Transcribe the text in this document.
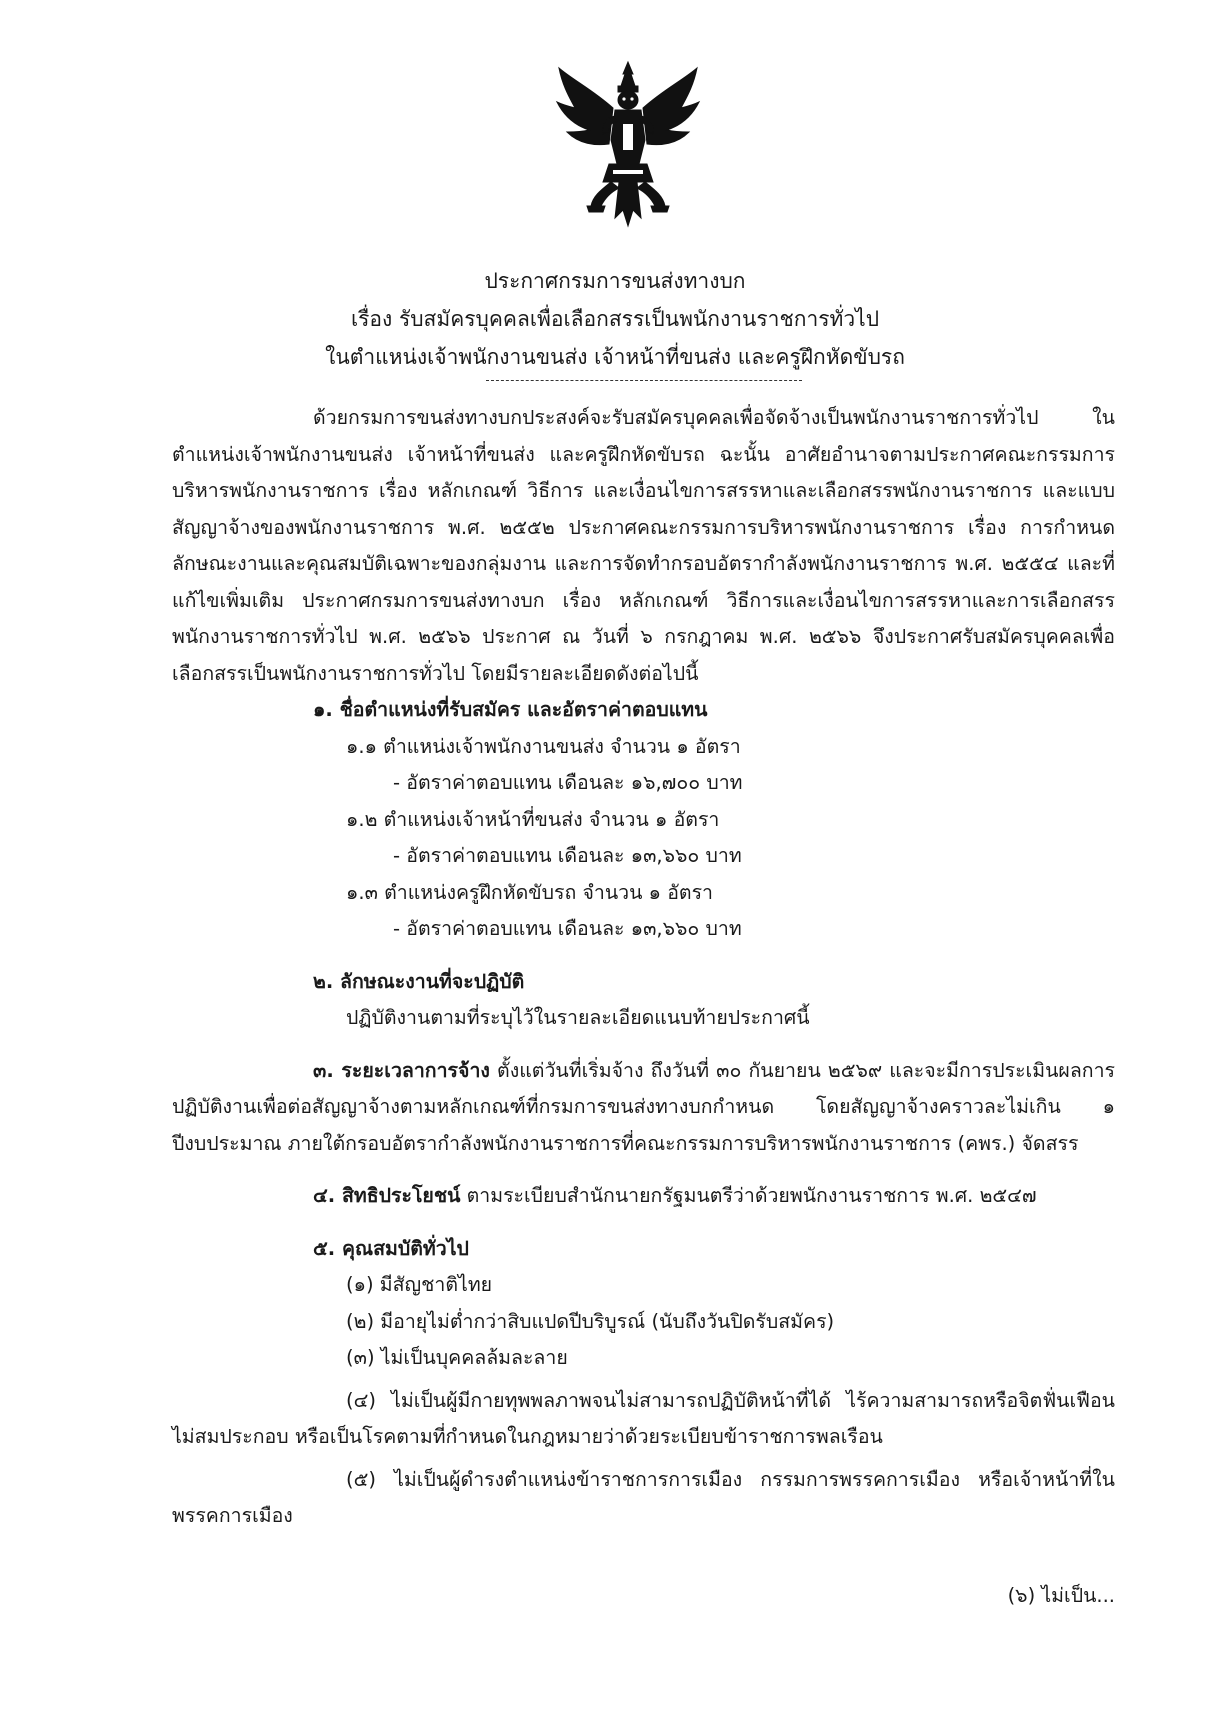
ประกาศกรมการขนส่งทางบก
เรื่อง รับสมัครบุคคลเพื่อเลือกสรรเป็นพนักงานราชการทั่วไป
ในตำแหน่งเจ้าพนักงานขนส่ง เจ้าหน้าที่ขนส่ง และครูฝึกหัดขับรถ

ด้วยกรมการขนส่งทางบกประสงค์จะรับสมัครบุคคลเพื่อจัดจ้างเป็นพนักงานราชการทั่วไป ในตำแหน่งเจ้าพนักงานขนส่ง เจ้าหน้าที่ขนส่ง และครูฝึกหัดขับรถ ฉะนั้น อาศัยอำนาจตามประกาศคณะกรรมการบริหารพนักงานราชการ เรื่อง หลักเกณฑ์ วิธีการ และเงื่อนไขการสรรหาและเลือกสรรพนักงานราชการ และแบบสัญญาจ้างของพนักงานราชการ พ.ศ. ๒๕๕๒ ประกาศคณะกรรมการบริหารพนักงานราชการ เรื่อง การกำหนดลักษณะงานและคุณสมบัติเฉพาะของกลุ่มงาน และการจัดทำกรอบอัตรากำลังพนักงานราชการ พ.ศ. ๒๕๕๔ และที่แก้ไขเพิ่มเติม ประกาศกรมการขนส่งทางบก เรื่อง หลักเกณฑ์ วิธีการและเงื่อนไขการสรรหาและการเลือกสรรพนักงานราชการทั่วไป พ.ศ. ๒๕๖๖ ประกาศ ณ วันที่ ๖ กรกฎาคม พ.ศ. ๒๕๖๖ จึงประกาศรับสมัครบุคคลเพื่อเลือกสรรเป็นพนักงานราชการทั่วไป โดยมีรายละเอียดดังต่อไปนี้

๑. ชื่อตำแหน่งที่รับสมัคร และอัตราค่าตอบแทน

๑.๑ ตำแหน่งเจ้าพนักงานขนส่ง จำนวน ๑ อัตรา

- อัตราค่าตอบแทน เดือนละ ๑๖,๗๐๐ บาท

๑.๒ ตำแหน่งเจ้าหน้าที่ขนส่ง จำนวน ๑ อัตรา

- อัตราค่าตอบแทน เดือนละ ๑๓,๖๖๐ บาท

๑.๓ ตำแหน่งครูฝึกหัดขับรถ จำนวน ๑ อัตรา

- อัตราค่าตอบแทน เดือนละ ๑๓,๖๖๐ บาท

๒. ลักษณะงานที่จะปฏิบัติ

ปฏิบัติงานตามที่ระบุไว้ในรายละเอียดแนบท้ายประกาศนี้

๓. ระยะเวลาการจ้าง ตั้งแต่วันที่เริ่มจ้าง ถึงวันที่ ๓๐ กันยายน ๒๕๖๙ และจะมีการประเมินผลการปฏิบัติงานเพื่อต่อสัญญาจ้างตามหลักเกณฑ์ที่กรมการขนส่งทางบกกำหนด โดยสัญญาจ้างคราวละไม่เกิน ๑ ปีงบประมาณ ภายใต้กรอบอัตรากำลังพนักงานราชการที่คณะกรรมการบริหารพนักงานราชการ (คพร.) จัดสรร

๔. สิทธิประโยชน์ ตามระเบียบสำนักนายกรัฐมนตรีว่าด้วยพนักงานราชการ พ.ศ. ๒๕๔๗

๕. คุณสมบัติทั่วไป

(๑) มีสัญชาติไทย

(๒) มีอายุไม่ต่ำกว่าสิบแปดปีบริบูรณ์ (นับถึงวันปิดรับสมัคร)

(๓) ไม่เป็นบุคคลล้มละลาย

(๔) ไม่เป็นผู้มีกายทุพพลภาพจนไม่สามารถปฏิบัติหน้าที่ได้ ไร้ความสามารถหรือจิตฟั่นเฟือน ไม่สมประกอบ หรือเป็นโรคตามที่กำหนดในกฎหมายว่าด้วยระเบียบข้าราชการพลเรือน

(๕) ไม่เป็นผู้ดำรงตำแหน่งข้าราชการการเมือง กรรมการพรรคการเมือง หรือเจ้าหน้าที่ในพรรคการเมือง

(๖) ไม่เป็น...
